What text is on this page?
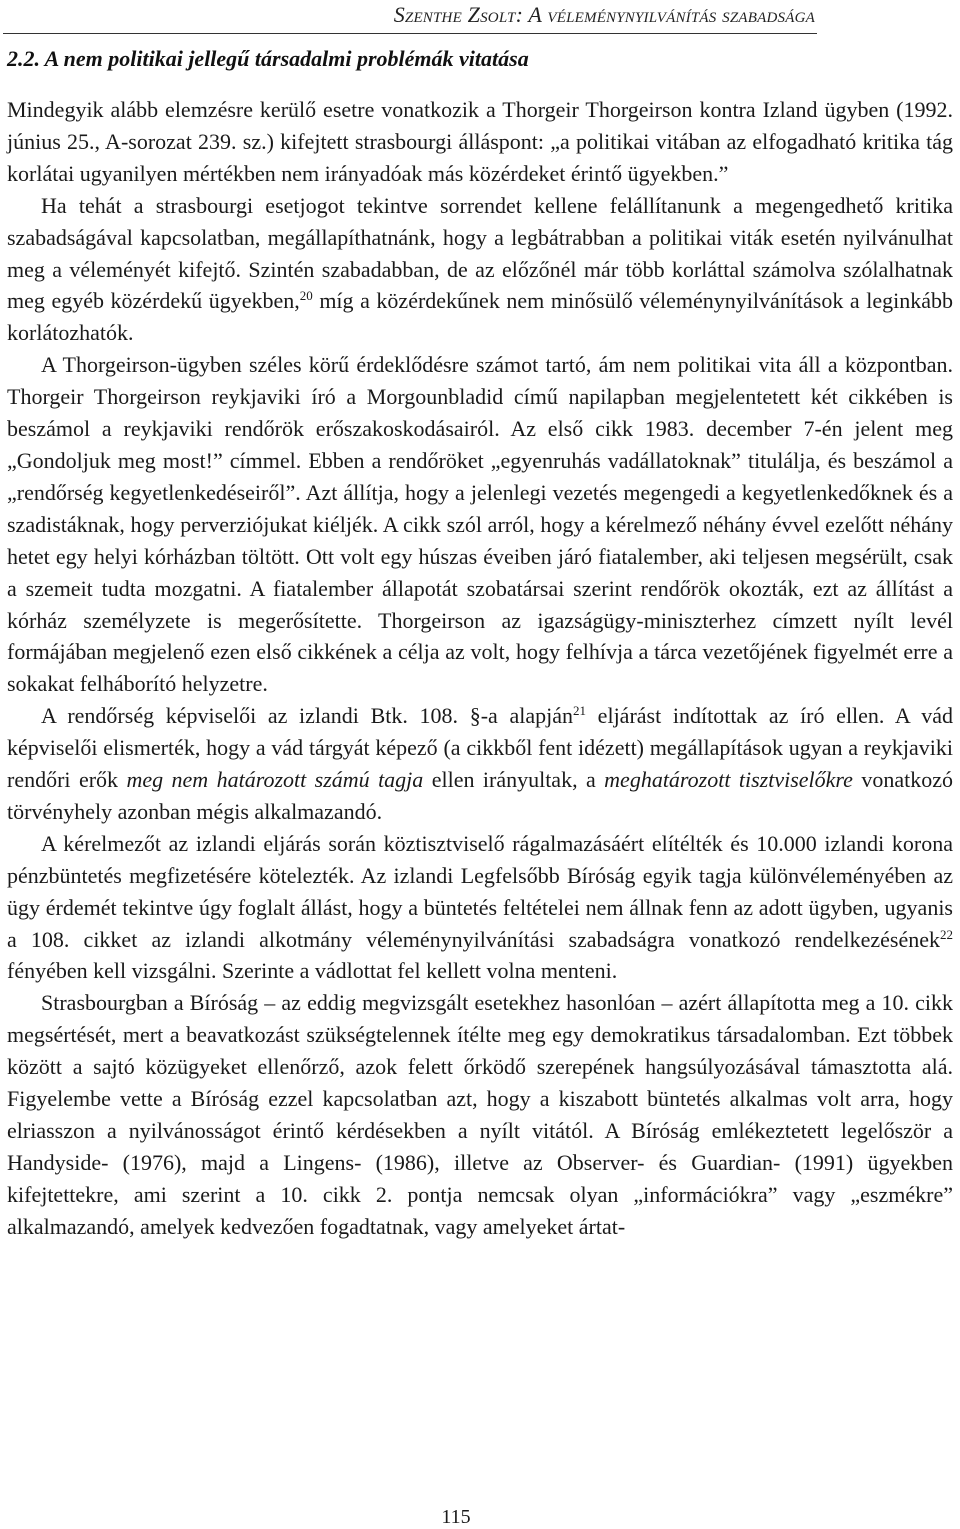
Szenthe Zsolt: A véleménynyilvánítás szabadsága
2.2. A nem politikai jellegű társadalmi problémák vitatása

Mindegyik alább elemzésre kerülő esetre vonatkozik a Thorgeir Thorgeirson kontra Izland ügyben (1992. június 25., A-sorozat 239. sz.) kifejtett strasbourgi álláspont: „a politikai vitában az elfogadható kritika tág korlátai ugyanilyen mértékben nem irányadóak más közérdeket érintő ügyekben.”

Ha tehát a strasbourgi esetjogot tekintve sorrendet kellene felállítanunk a megengedhető kritika szabadságával kapcsolatban, megállapíthatnánk, hogy a legbátrabban a politikai viták esetén nyilvánulhat meg a véleményét kifejtő. Szintén szabadabban, de az előzőnél már több korláttal számolva szólalhatnak meg egyéb közérdekű ügyekben,$^{20}$ míg a közérdekűnek nem minősülő véleménynyilvánítások a leginkább korlátozhatók.

A Thorgeirson-ügyben széles körű érdeklődésre számot tartó, ám nem politikai vita áll a központban. Thorgeir Thorgeirson reykjaviki író a Morgounbladid című napilapban megjelentetett két cikkében is beszámol a reykjaviki rendőrök erőszakoskodásairól. Az első cikk 1983. december 7-én jelent meg „Gondoljuk meg most!” címmel. Ebben a rendőröket „egyenruhás vadállatoknak” titulálja, és beszámol a „rendőrség kegyetlenkedéseiről”. Azt állítja, hogy a jelenlegi vezetés megengedi a kegyetlenkedőknek és a szadistáknak, hogy perverziójukat kiéljék. A cikk szól arról, hogy a kérelmező néhány évvel ezelőtt néhány hetet egy helyi kórházban töltött. Ott volt egy húszas éveiben járó fiatalember, aki teljesen megsérült, csak a szemeit tudta mozgatni. A fiatalember állapotát szobatársai szerint rendőrök okozták, ezt az állítást a kórház személyzete is megerősítette. Thorgeirson az igazságügy-miniszterhez címzett nyílt levél formájában megjelenő ezen első cikkének a célja az volt, hogy felhívja a tárca vezetőjének figyelmét erre a sokakat felháborító helyzetre.

A rendőrség képviselői az izlandi Btk. 108. §-a alapján$^{21}$ eljárást indítottak az író ellen. A vád képviselői elismerték, hogy a vád tárgyát képező (a cikkből fent idézett) megállapítások ugyan a reykjaviki rendőri erők meg nem határozott számú tagja ellen irányultak, a meghatározott tisztviselőkre vonatkozó törvényhely azonban mégis alkalmazandó.

A kérelmezőt az izlandi eljárás során köztisztviselő rágalmazásáért elítélték és 10.000 izlandi korona pénzbüntetés megfizetésére kötelezték. Az izlandi Legfelsőbb Bíróság egyik tagja különvéleményében az ügy érdemét tekintve úgy foglalt állást, hogy a büntetés feltételei nem állnak fenn az adott ügyben, ugyanis a 108. cikket az izlandi alkotmány véleménynyilvánítási szabadságra vonatkozó rendelkezésének$^{22}$ fényében kell vizsgálni. Szerinte a vádlottat fel kellett volna menteni.

Strasbourgban a Bíróság – az eddig megvizsgált esetekhez hasonlóan – azért állapította meg a 10. cikk megsértését, mert a beavatkozást szükségtelennek ítélte meg egy demokratikus társadalomban. Ezt többek között a sajtó közügyeket ellenőrző, azok felett őrködő szerepének hangsúlyozásával támasztotta alá. Figyelembe vette a Bíróság ezzel kapcsolatban azt, hogy a kiszabott büntetés alkalmas volt arra, hogy elriasszon a nyilvánosságot érintő kérdésekben a nyílt vitától. A Bíróság emlékeztetett legelőször a Handyside- (1976), majd a Lingens- (1986), illetve az Observer- és Guardian- (1991) ügyekben kifejtettekre, ami szerint a 10. cikk 2. pontja nemcsak olyan „információkra” vagy „eszmékre” alkalmazandó, amelyek kedvezően fogadtatnak, vagy amelyeket ártat-

115
